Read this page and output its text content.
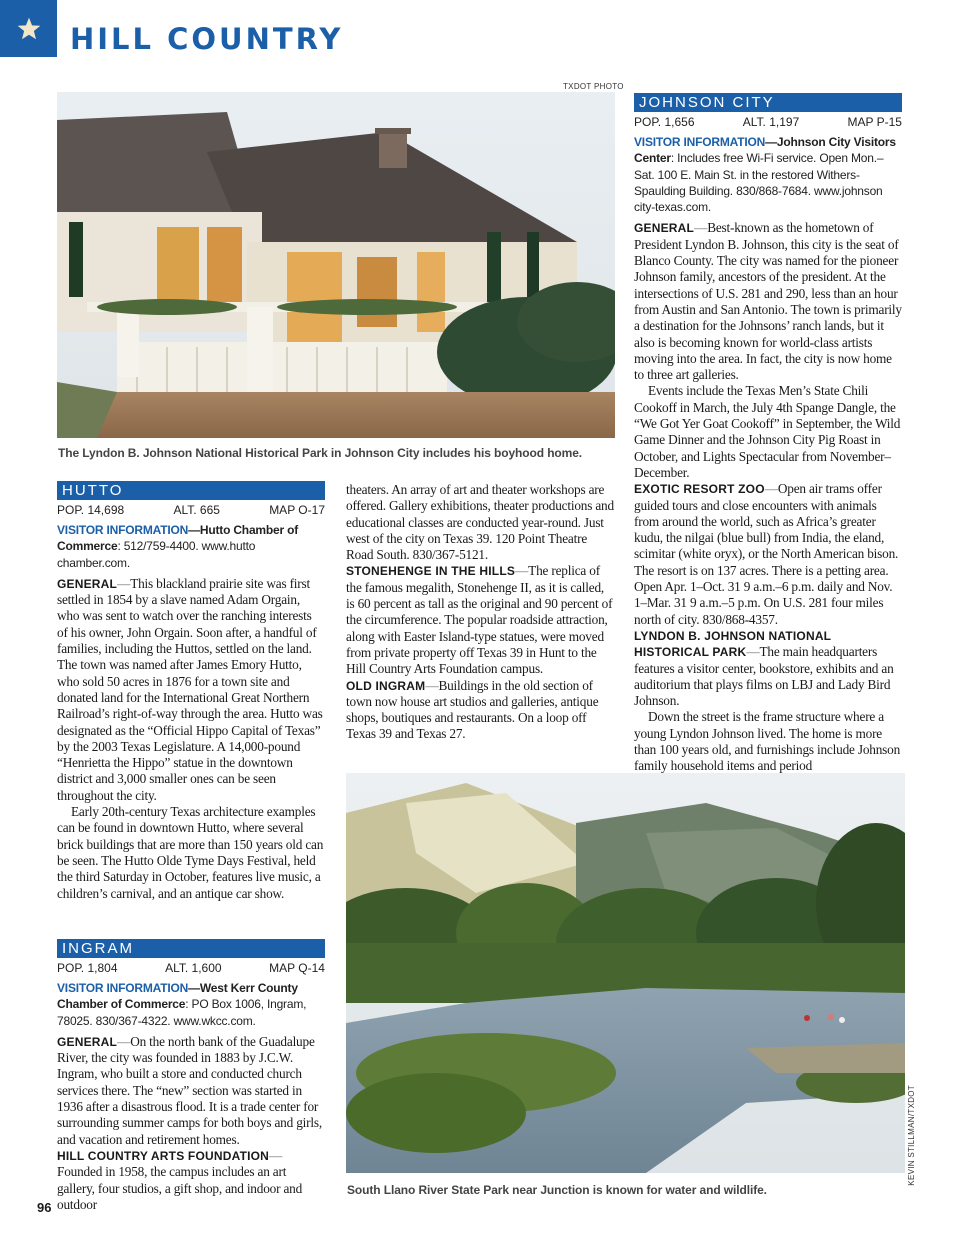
HILL COUNTRY
TXDOT PHOTO
The Lyndon B. Johnson National Historical Park in Johnson City includes his boyhood home.
HUTTO
POP. 14,698	ALT. 665	MAP O-17
VISITOR INFORMATION—Hutto Chamber of Commerce: 512/759-4400. www.hutto chamber.com.

GENERAL—This blackland prairie site was first settled in 1854 by a slave named Adam Orgain, who was sent to watch over the ranching interests of his owner, John Orgain. Soon after, a handful of families, including the Huttos, settled on the land. The town was named after James Emory Hutto, who sold 50 acres in 1876 for a town site and donated land for the International Great Northern Railroad’s right-of-way through the area. Hutto was designated as the “Official Hippo Capital of Texas” by the 2003 Texas Legislature. A 14,000-pound “Henrietta the Hippo” statue in the downtown district and 3,000 smaller ones can be seen throughout the city.

Early 20th-century Texas architecture examples can be found in downtown Hutto, where several brick buildings that are more than 150 years old can be seen. The Hutto Olde Tyme Days Festival, held the third Saturday in October, features live music, a children’s carnival, and an antique car show.

INGRAM
POP. 1,804	ALT. 1,600	MAP Q-14
VISITOR INFORMATION—West Kerr County Chamber of Commerce: PO Box 1006, Ingram, 78025. 830/367-4322. www.wkcc.com.

GENERAL—On the north bank of the Guadalupe River, the city was founded in 1883 by J.C.W. Ingram, who built a store and conducted church services there. The “new” section was started in 1936 after a disastrous flood. It is a trade center for surrounding summer camps for both boys and girls, and vacation and retirement homes.

HILL COUNTRY ARTS FOUNDATION—Founded in 1958, the campus includes an art gallery, four studios, a gift shop, and indoor and outdoor

theaters. An array of art and theater workshops are offered. Gallery exhibitions, theater productions and educational classes are conducted year-round. Just west of the city on Texas 39. 120 Point Theatre Road South. 830/367-5121.

STONEHENGE IN THE HILLS—The replica of the famous megalith, Stonehenge II, as it is called, is 60 percent as tall as the original and 90 percent of the circumference. The popular roadside attraction, along with Easter Island-type statues, were moved from private property off Texas 39 in Hunt to the Hill Country Arts Foundation campus.

OLD INGRAM—Buildings in the old section of town now house art studios and galleries, antique shops, boutiques and restaurants. On a loop off Texas 39 and Texas 27.

JOHNSON CITY
POP. 1,656	ALT. 1,197	MAP P-15
VISITOR INFORMATION—Johnson City Visitors Center: Includes free Wi-Fi service. Open Mon.–Sat. 100 E. Main St. in the restored Withers-Spaulding Building. 830/868-7684. www.johnson city-texas.com.

GENERAL—Best-known as the hometown of President Lyndon B. Johnson, this city is the seat of Blanco County. The city was named for the pioneer Johnson family, ancestors of the president. At the intersections of U.S. 281 and 290, less than an hour from Austin and San Antonio. The town is primarily a destination for the Johnsons’ ranch lands, but it also is becoming known for world-class artists moving into the area. In fact, the city is now home to three art galleries.

Events include the Texas Men’s State Chili Cookoff in March, the July 4th Spange Dangle, the “We Got Yer Goat Cookoff” in September, the Wild Game Dinner and the Johnson City Pig Roast in October, and Lights Spectacular from November–December.

EXOTIC RESORT ZOO—Open air trams offer guided tours and close encounters with animals from around the world, such as Africa’s greater kudu, the nilgai (blue bull) from India, the eland, scimitar (white oryx), or the North American bison. The resort is on 137 acres. There is a petting area. Open Apr. 1–Oct. 31 9 a.m.–6 p.m. daily and Nov. 1–Mar. 31 9 a.m.–5 p.m. On U.S. 281 four miles north of city. 830/868-4357.

LYNDON B. JOHNSON NATIONAL HISTORICAL PARK—The main headquarters features a visitor center, bookstore, exhibits and an auditorium that plays films on LBJ and Lady Bird Johnson.

Down the street is the frame structure where a young Lyndon Johnson lived. The home is more than 100 years old, and furnishings include Johnson family household items and period

KEVIN STILLMAN/TXDOT
South Llano River State Park near Junction is known for water and wildlife.
96
